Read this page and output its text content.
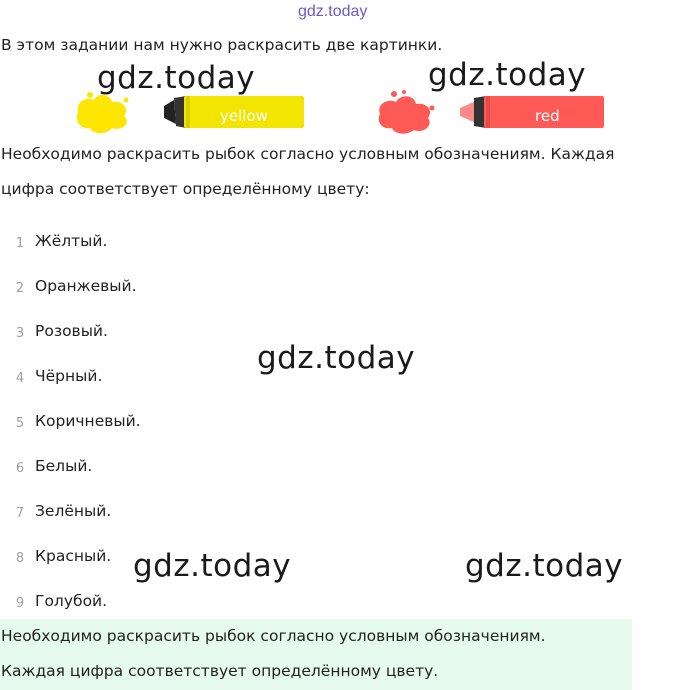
gdz.today
В этом задании нам нужно раскрасить две картинки.
yellow
gdz.today
red
gdz.today
Необходимо раскрасить рыбок согласно условным обозначениям. Каждая
цифра соответствует определённому цвету:
1 Жёлтый.
2 Оранжевый.
3 Розовый.
4 Чёрный.
5 Коричневый.
6 Белый.
7 Зелёный.
8 Красный.
9 Голубой.
gdz.today
gdz.today	gdz.today
Необходимо раскрасить рыбок согласно условным обозначениям.
Каждая цифра соответствует определённому цвету.
